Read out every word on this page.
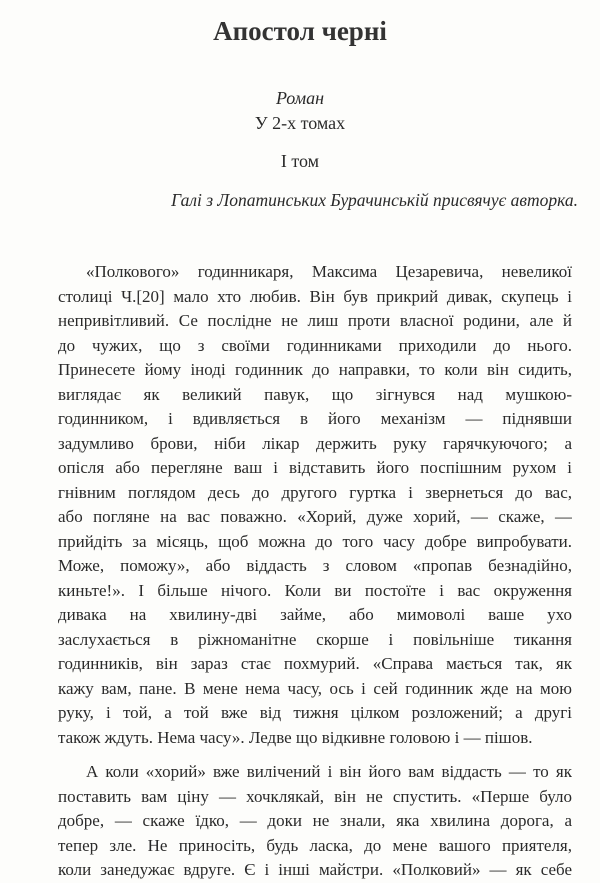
Апостол черні
Роман
У 2-х томах
І том
Галі з Лопатинських Бурачинській присвячує авторка.
«Полкового» годинникаря, Максима Цезаревича, невеликої
столиці Ч.[20] мало хто любив. Він був прикрий дивак, скупець і
непривітливий. Се послідне не лиш проти власної родини, але й
до чужих, що з своїми годинниками приходили до нього.
Принесете йому іноді годинник до направки, то коли він сидить,
виглядає як великий павук, що зігнувся над мушкою-
годинником, і вдивляється в його механізм — піднявши
задумливо брови, ніби лікар держить руку гарячкуючого; а
опісля або перегляне ваш і відставить його поспішним рухом і
гнівним поглядом десь до другого гуртка і звернеться до вас,
або погляне на вас поважно. «Хорий, дуже хорий, — скаже, —
прийдіть за місяць, щоб можна до того часу добре випробувати.
Може, поможу», або віддасть з словом «пропав безнадійно,
киньте!». І більше нічого. Коли ви постоїте і вас окруження
дивака на хвилину-дві займе, або мимоволі ваше ухо
заслухається в ріжноманітне скорше і повільніше тикання
годинників, він зараз стає похмурий. «Справа мається так, як
кажу вам, пане. В мене нема часу, ось і сей годинник жде на мою
руку, і той, а той вже від тижня цілком розложений; а другі
також ждуть. Нема часу». Ледве що відкивне головою і — пішов.
А коли «хорий» вже вилічений і він його вам віддасть — то як
поставить вам ціну — хочклякай, він не спустить. «Перше було
добре, — скаже їдко, — доки не знали, яка хвилина дорога, а
тепер зле. Не приносіть, будь ласка, до мене вашого приятеля,
коли занедужає вдруге. Є і інші майстри. «Полковий» — як себе
